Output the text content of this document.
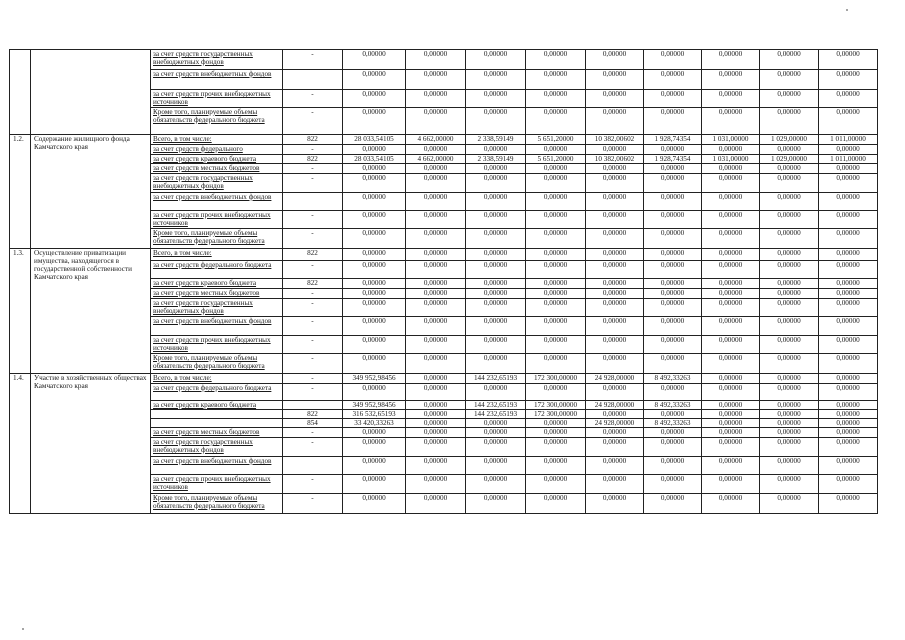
		за счет средств государственных внебюджетных фондов	-	0,00000	0,00000	0,00000	0,00000	0,00000	0,00000	0,00000	0,00000	0,00000
		за счет средств внебюджетных фондов		0,00000	0,00000	0,00000	0,00000	0,00000	0,00000	0,00000	0,00000	0,00000
		за счет средств прочих внебюджетных источников	-	0,00000	0,00000	0,00000	0,00000	0,00000	0,00000	0,00000	0,00000	0,00000
		Кроме того, планируемые объемы обязательств федерального бюджета	-	0,00000	0,00000	0,00000	0,00000	0,00000	0,00000	0,00000	0,00000	0,00000
1.2.	Содержание жилищного фонда Камчатского края	Всего, в том числе:	822	28 033,54105	4 662,00000	2 338,59149	5 651,20000	10 382,00602	1 928,74354	1 031,00000	1 029,00000	1 011,00000
		за счет средств федерального	-	0,00000	0,00000	0,00000	0,00000	0,00000	0,00000	0,00000	0,00000	0,00000
		за счет средств краевого бюджета	822	28 033,54105	4 662,00000	2 338,59149	5 651,20000	10 382,00602	1 928,74354	1 031,00000	1 029,00000	1 011,00000
		за счет средств местных бюджетов	-	0,00000	0,00000	0,00000	0,00000	0,00000	0,00000	0,00000	0,00000	0,00000
		за счет средств государственных внебюджетных фондов	-	0,00000	0,00000	0,00000	0,00000	0,00000	0,00000	0,00000	0,00000	0,00000
		за счет средств внебюджетных фондов		0,00000	0,00000	0,00000	0,00000	0,00000	0,00000	0,00000	0,00000	0,00000
		за счет средств прочих внебюджетных источников	-	0,00000	0,00000	0,00000	0,00000	0,00000	0,00000	0,00000	0,00000	0,00000
		Кроме того, планируемые объемы обязательств федерального бюджета	-	0,00000	0,00000	0,00000	0,00000	0,00000	0,00000	0,00000	0,00000	0,00000
1.3.	Осуществление приватизации имущества, находящегося в государственной собственности Камчатского края	Всего, в том числе:	822	0,00000	0,00000	0,00000	0,00000	0,00000	0,00000	0,00000	0,00000	0,00000
		за счет средств федерального бюджета	-	0,00000	0,00000	0,00000	0,00000	0,00000	0,00000	0,00000	0,00000	0,00000
		за счет средств краевого бюджета	822	0,00000	0,00000	0,00000	0,00000	0,00000	0,00000	0,00000	0,00000	0,00000
		за счет средств местных бюджетов	-	0,00000	0,00000	0,00000	0,00000	0,00000	0,00000	0,00000	0,00000	0,00000
		за счет средств государственных внебюджетных фондов	-	0,00000	0,00000	0,00000	0,00000	0,00000	0,00000	0,00000	0,00000	0,00000
		за счет средств внебюджетных фондов	-	0,00000	0,00000	0,00000	0,00000	0,00000	0,00000	0,00000	0,00000	0,00000
		за счет средств прочих внебюджетных источников	-	0,00000	0,00000	0,00000	0,00000	0,00000	0,00000	0,00000	0,00000	0,00000
		Кроме того, планируемые объемы обязательств федерального бюджета	-	0,00000	0,00000	0,00000	0,00000	0,00000	0,00000	0,00000	0,00000	0,00000
1.4.	Участие в хозяйственных обществах Камчатского края	Всего, в том числе:	-	349 952,98456	0,00000	144 232,65193	172 300,00000	24 928,00000	8 492,33263	0,00000	0,00000	0,00000
		за счет средств федерального бюджета	-	0,00000	0,00000	0,00000	0,00000	0,00000	0,00000	0,00000	0,00000	0,00000
		за счет средств краевого бюджета		349 952,98456	0,00000	144 232,65193	172 300,00000	24 928,00000	8 492,33263	0,00000	0,00000	0,00000
			822	316 532,65193	0,00000	144 232,65193	172 300,00000	0,00000	0,00000	0,00000	0,00000	0,00000
			854	33 420,33263	0,00000	0,00000	0,00000	24 928,00000	8 492,33263	0,00000	0,00000	0,00000
		за счет средств местных бюджетов	-	0,00000	0,00000	0,00000	0,00000	0,00000	0,00000	0,00000	0,00000	0,00000
		за счет средств государственных внебюджетных фондов	-	0,00000	0,00000	0,00000	0,00000	0,00000	0,00000	0,00000	0,00000	0,00000
		за счет средств внебюджетных фондов		0,00000	0,00000	0,00000	0,00000	0,00000	0,00000	0,00000	0,00000	0,00000
		за счет средств прочих внебюджетных источников	-	0,00000	0,00000	0,00000	0,00000	0,00000	0,00000	0,00000	0,00000	0,00000
		Кроме того, планируемые объемы обязательств федерального бюджета	-	0,00000	0,00000	0,00000	0,00000	0,00000	0,00000	0,00000	0,00000	0,00000
